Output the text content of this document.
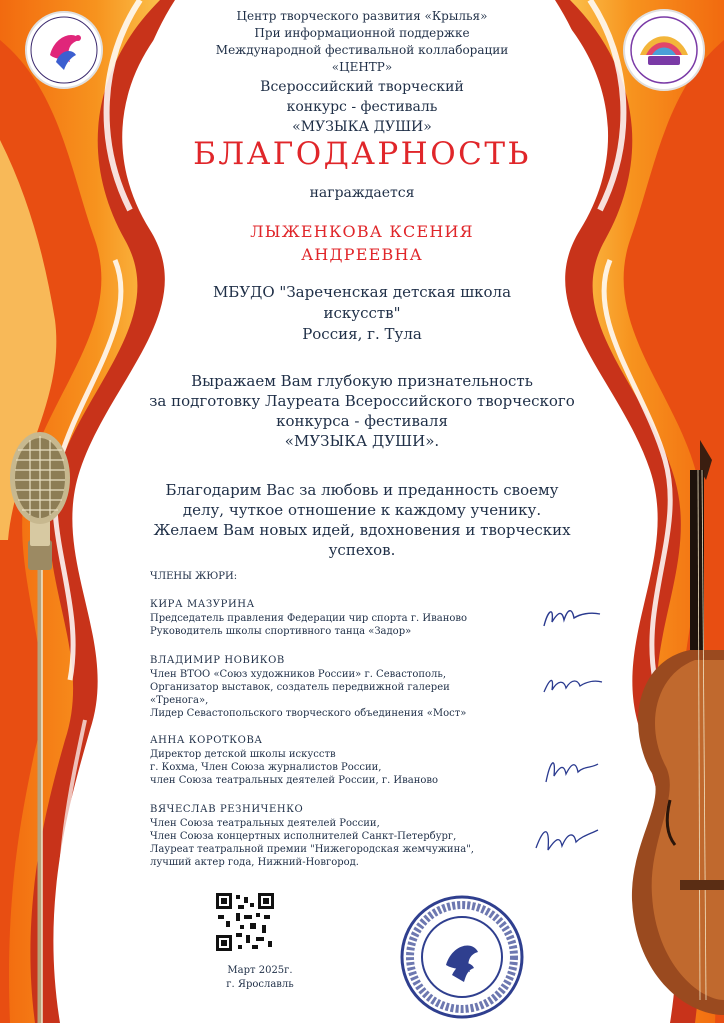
Центр творческого развития «Крылья»
При информационной поддержке
Международной фестивальной коллаборации
«ЦЕНТР»
Всероссийский творческий
конкурс - фестиваль
«МУЗЫКА ДУШИ»
БЛАГОДАРНОСТЬ
награждается
ЛЫЖЕНКОВА КСЕНИЯ
АНДРЕЕВНА
МБУДО "Зареченская детская школа
искусств"
Россия, г. Тула
Выражаем Вам глубокую признательность
за подготовку Лауреата Всероссийского творческого
конкурса - фестиваля
«МУЗЫКА ДУШИ».
Благодарим Вас за любовь и преданность своему
делу, чуткое отношение к каждому ученику.
Желаем Вам новых идей, вдохновения и творческих
успехов.
ЧЛЕНЫ ЖЮРИ:
КИРА МАЗУРИНА
Председатель правления Федерации чир спорта г. Иваново
Руководитель школы спортивного танца «Задор»
ВЛАДИМИР НОВИКОВ
Член ВТОО «Союз художников России» г. Севастополь,
Организатор выставок, создатель передвижной галереи
«Тренога»,
Лидер Севастопольского творческого объединения «Мост»
АННА КОРОТКОВА
Директор детской школы искусств
г. Кохма, Член Союза журналистов России,
член Союза театральных деятелей России, г. Иваново
ВЯЧЕСЛАВ РЕЗНИЧЕНКО
Член Союза театральных деятелей России,
Член Союза концертных исполнителей Санкт-Петербург,
Лауреат театральной премии "Нижегородская жемчужина",
лучший актер года, Нижний-Новгород.
Март 2025г.
г. Ярославль
